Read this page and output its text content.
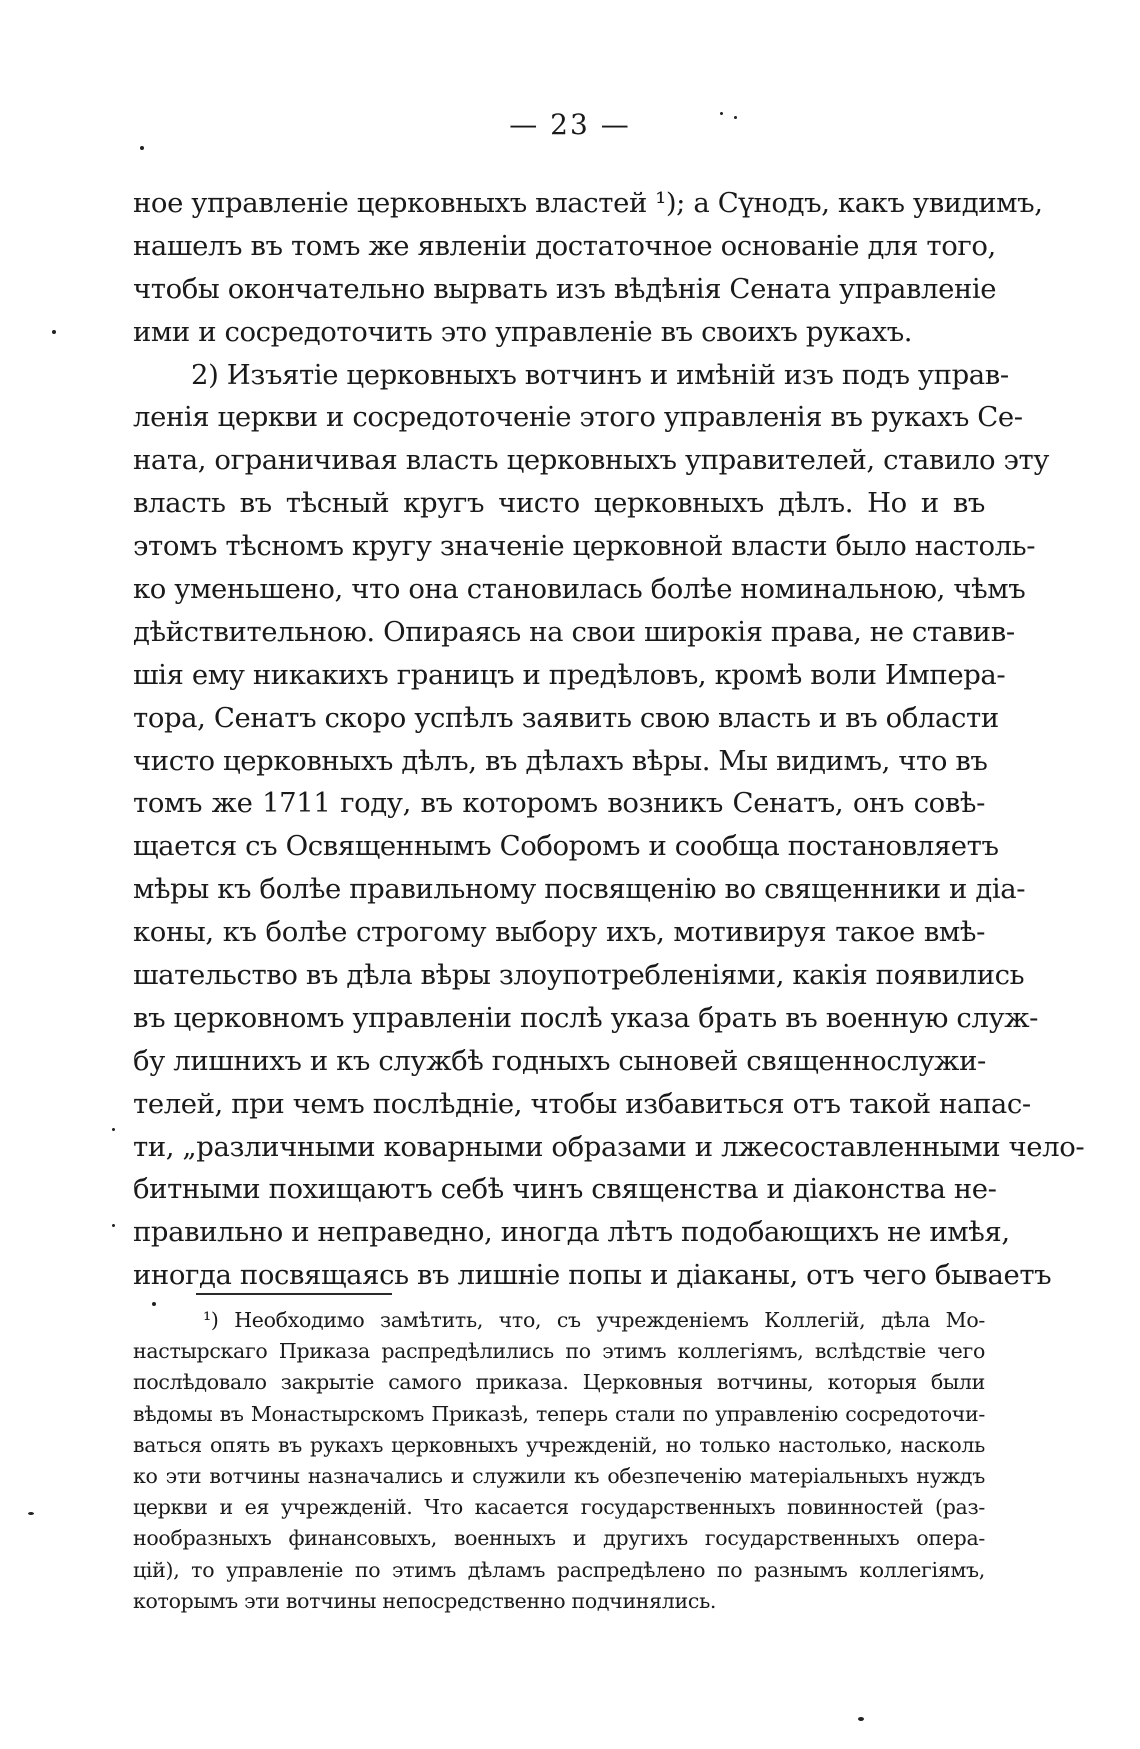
— 23 —
ное управленіе церковныхъ властей ¹); а Сүнодъ, какъ увидимъ,
нашелъ въ томъ же явленіи достаточное основаніе для того,
чтобы окончательно вырвать изъ вѣдѣнія Сената управленіе
ими и сосредоточить это управленіе въ своихъ рукахъ.
2) Изъятіе церковныхъ вотчинъ и имѣній изъ подъ управ-
ленія церкви и сосредоточеніе этого управленія въ рукахъ Се-
ната, ограничивая власть церковныхъ управителей, ставило эту
власть въ тѣсный кругъ чисто церковныхъ дѣлъ. Но и въ
этомъ тѣсномъ кругу значеніе церковной власти было настоль-
ко уменьшено, что она становилась болѣе номинальною, чѣмъ
дѣйствительною. Опираясь на свои широкія права, не ставив-
шія ему никакихъ границъ и предѣловъ, кромѣ воли Импера-
тора, Сенатъ скоро успѣлъ заявить свою власть и въ области
чисто церковныхъ дѣлъ, въ дѣлахъ вѣры. Мы видимъ, что въ
томъ же 1711 году, въ которомъ возникъ Сенатъ, онъ совѣ-
щается съ Освященнымъ Соборомъ и сообща постановляетъ
мѣры къ болѣе правильному посвященію во священники и діа-
коны, къ болѣе строгому выбору ихъ, мотивируя такое вмѣ-
шательство въ дѣла вѣры злоупотребленіями, какія появились
въ церковномъ управленіи послѣ указа брать въ военную служ-
бу лишнихъ и къ службѣ годныхъ сыновей священнослужи-
телей, при чемъ послѣдніе, чтобы избавиться отъ такой напас-
ти, „различными коварными образами и лжесоставленными чело-
битными похищаютъ себѣ чинъ священства и діаконства не-
правильно и неправедно, иногда лѣтъ подобающихъ не имѣя,
иногда посвящаясь въ лишніе попы и діаканы, отъ чего бываетъ
¹) Необходимо замѣтить, что, съ учрежденіемъ Коллегій, дѣла Мо-
настырскаго Приказа распредѣлились по этимъ коллегіямъ, вслѣдствіе чего
послѣдовало закрытіе самого приказа. Церковныя вотчины, которыя были
вѣдомы въ Монастырскомъ Приказѣ, теперь стали по управленію сосредоточи-
ваться опять въ рукахъ церковныхъ учрежденій, но только настолько, насколь
ко эти вотчины назначались и служили къ обезпеченію матеріальныхъ нуждъ
церкви и ея учрежденій. Что касается государственныхъ повинностей (раз-
нообразныхъ финансовыхъ, военныхъ и другихъ государственныхъ опера-
цій), то управленіе по этимъ дѣламъ распредѣлено по разнымъ коллегіямъ,
которымъ эти вотчины непосредственно подчинялись.
